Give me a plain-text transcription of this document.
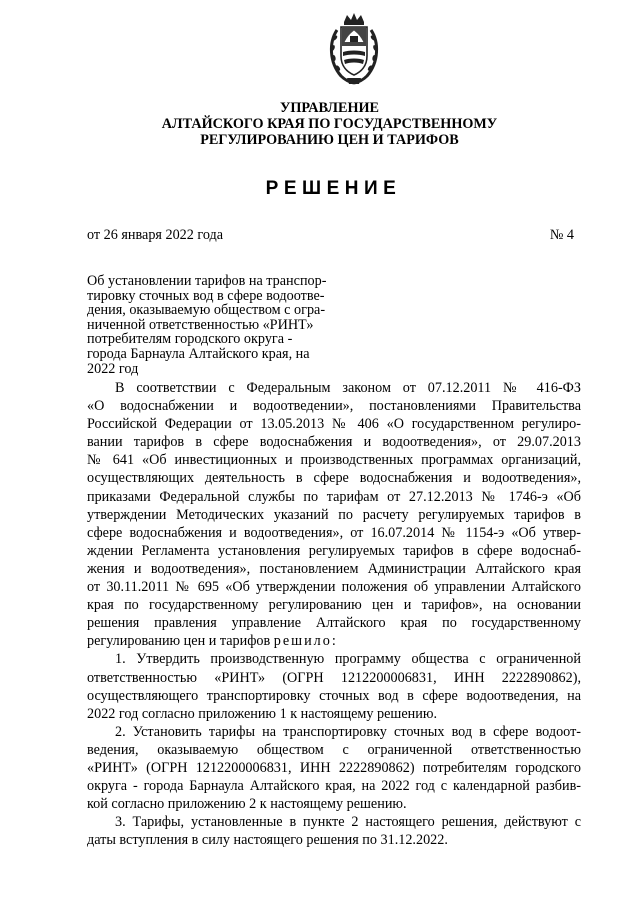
УПРАВЛЕНИЕ
АЛТАЙСКОГО КРАЯ ПО ГОСУДАРСТВЕННОМУ
РЕГУЛИРОВАНИЮ ЦЕН И ТАРИФОВ
РЕШЕНИЕ
от 26 января 2022 года	№ 4
Об установлении тарифов на транспор-
тировку сточных вод в сфере водоотве-
дения, оказываемую обществом с огра-
ниченной ответственностью «РИНТ»
потребителям городского округа -
города Барнаула Алтайского края, на
2022 год
В соответствии с Федеральным законом от 07.12.2011 № 416-ФЗ
«О водоснабжении и водоотведении», постановлениями Правительства
Российской Федерации от 13.05.2013 № 406 «О государственном регулиро-
вании тарифов в сфере водоснабжения и водоотведения», от 29.07.2013
№ 641 «Об инвестиционных и производственных программах организаций,
осуществляющих деятельность в сфере водоснабжения и водоотведения»,
приказами Федеральной службы по тарифам от 27.12.2013 № 1746-э «Об
утверждении Методических указаний по расчету регулируемых тарифов в
сфере водоснабжения и водоотведения», от 16.07.2014 № 1154-э «Об утвер-
ждении Регламента установления регулируемых тарифов в сфере водоснаб-
жения и водоотведения», постановлением Администрации Алтайского края
от 30.11.2011 № 695 «Об утверждении положения об управлении Алтайского
края по государственному регулированию цен и тарифов», на основании
решения правления управление Алтайского края по государственному
регулированию цен и тарифов решило:
1. Утвердить производственную программу общества с ограниченной
ответственностью «РИНТ» (ОГРН 1212200006831, ИНН 2222890862),
осуществляющего транспортировку сточных вод в сфере водоотведения, на
2022 год согласно приложению 1 к настоящему решению.
2. Установить тарифы на транспортировку сточных вод в сфере водоот-
ведения, оказываемую обществом с ограниченной ответственностью
«РИНТ» (ОГРН 1212200006831, ИНН 2222890862) потребителям городского
округа - города Барнаула Алтайского края, на 2022 год с календарной разбив-
кой согласно приложению 2 к настоящему решению.
3. Тарифы, установленные в пункте 2 настоящего решения, действуют с
даты вступления в силу настоящего решения по 31.12.2022.
